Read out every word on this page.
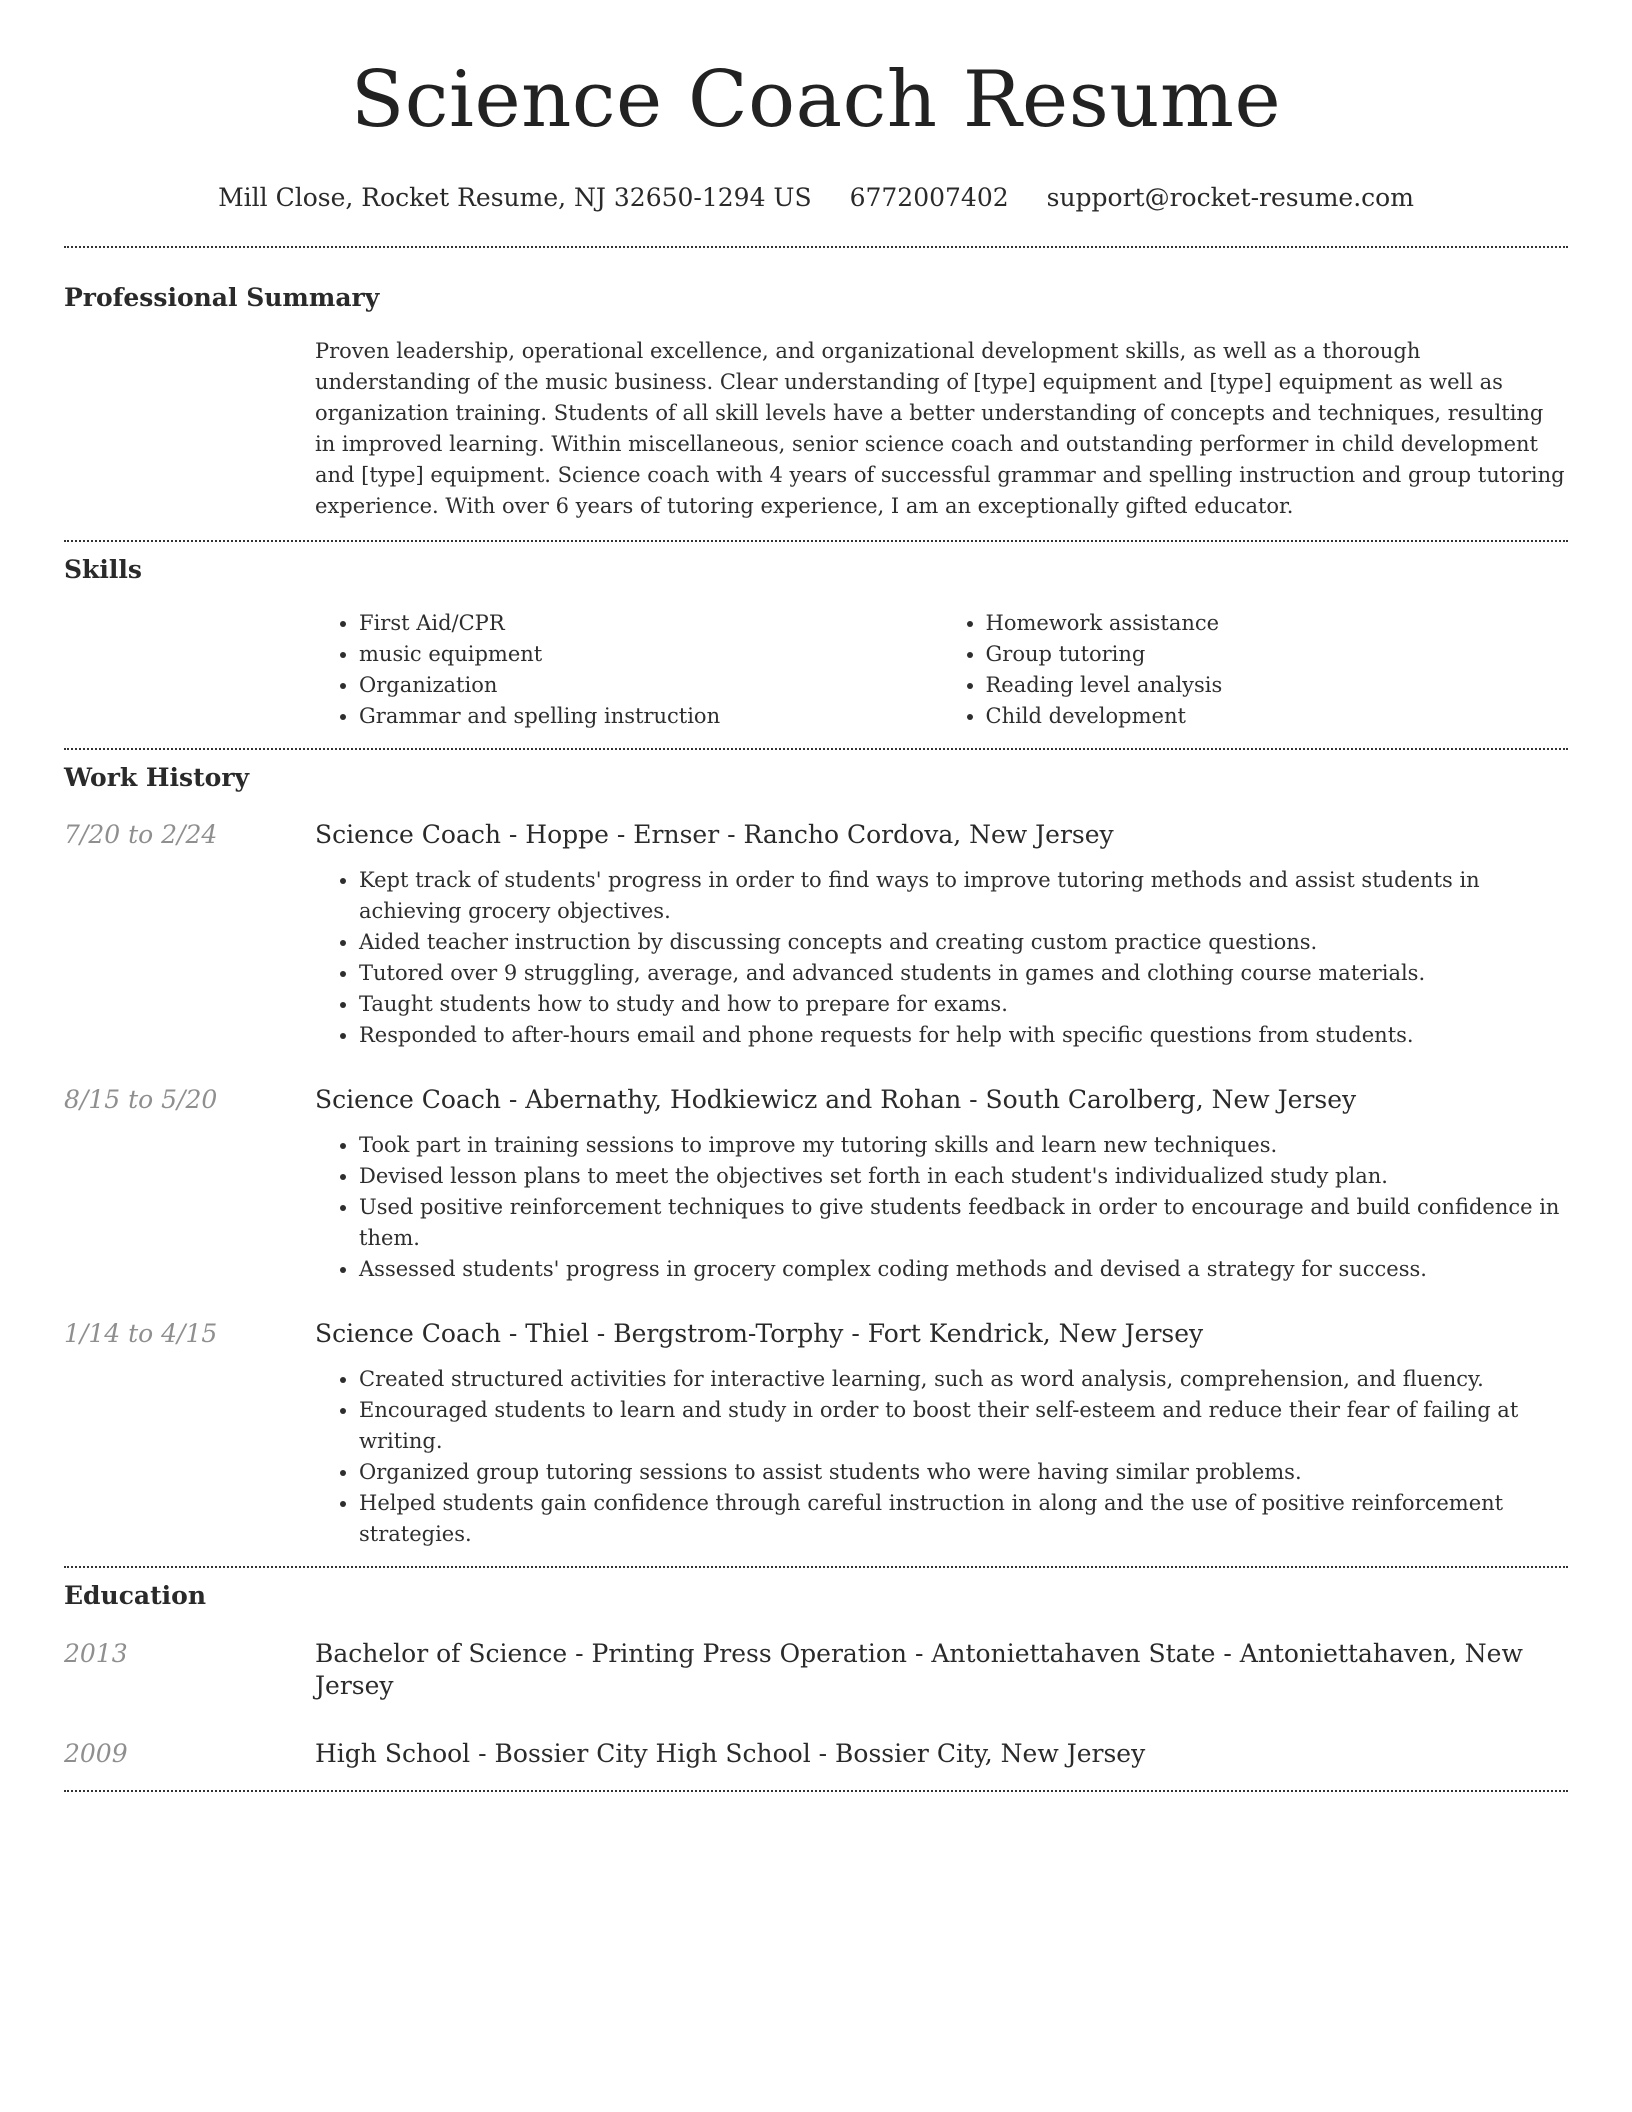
Science Coach Resume
Mill Close, Rocket Resume, NJ 32650-1294 US 6772007402 support@rocket-resume.com
Professional Summary
Proven leadership, operational excellence, and organizational development skills, as well as a thorough understanding of the music business. Clear understanding of [type] equipment and [type] equipment as well as organization training. Students of all skill levels have a better understanding of concepts and techniques, resulting in improved learning. Within miscellaneous, senior science coach and outstanding performer in child development and [type] equipment. Science coach with 4 years of successful grammar and spelling instruction and group tutoring experience. With over 6 years of tutoring experience, I am an exceptionally gifted educator.
Skills
• First Aid/CPR
• music equipment
• Organization
• Grammar and spelling instruction
• Homework assistance
• Group tutoring
• Reading level analysis
• Child development
Work History
7/20 to 2/24	Science Coach - Hoppe - Ernser - Rancho Cordova, New Jersey
• Kept track of students' progress in order to find ways to improve tutoring methods and assist students in achieving grocery objectives.
• Aided teacher instruction by discussing concepts and creating custom practice questions.
• Tutored over 9 struggling, average, and advanced students in games and clothing course materials.
• Taught students how to study and how to prepare for exams.
• Responded to after-hours email and phone requests for help with specific questions from students.
8/15 to 5/20	Science Coach - Abernathy, Hodkiewicz and Rohan - South Carolberg, New Jersey
• Took part in training sessions to improve my tutoring skills and learn new techniques.
• Devised lesson plans to meet the objectives set forth in each student's individualized study plan.
• Used positive reinforcement techniques to give students feedback in order to encourage and build confidence in them.
• Assessed students' progress in grocery complex coding methods and devised a strategy for success.
1/14 to 4/15	Science Coach - Thiel - Bergstrom-Torphy - Fort Kendrick, New Jersey
• Created structured activities for interactive learning, such as word analysis, comprehension, and fluency.
• Encouraged students to learn and study in order to boost their self-esteem and reduce their fear of failing at writing.
• Organized group tutoring sessions to assist students who were having similar problems.
• Helped students gain confidence through careful instruction in along and the use of positive reinforcement strategies.
Education
2013	Bachelor of Science - Printing Press Operation - Antoniettahaven State - Antoniettahaven, New Jersey
2009	High School - Bossier City High School - Bossier City, New Jersey
